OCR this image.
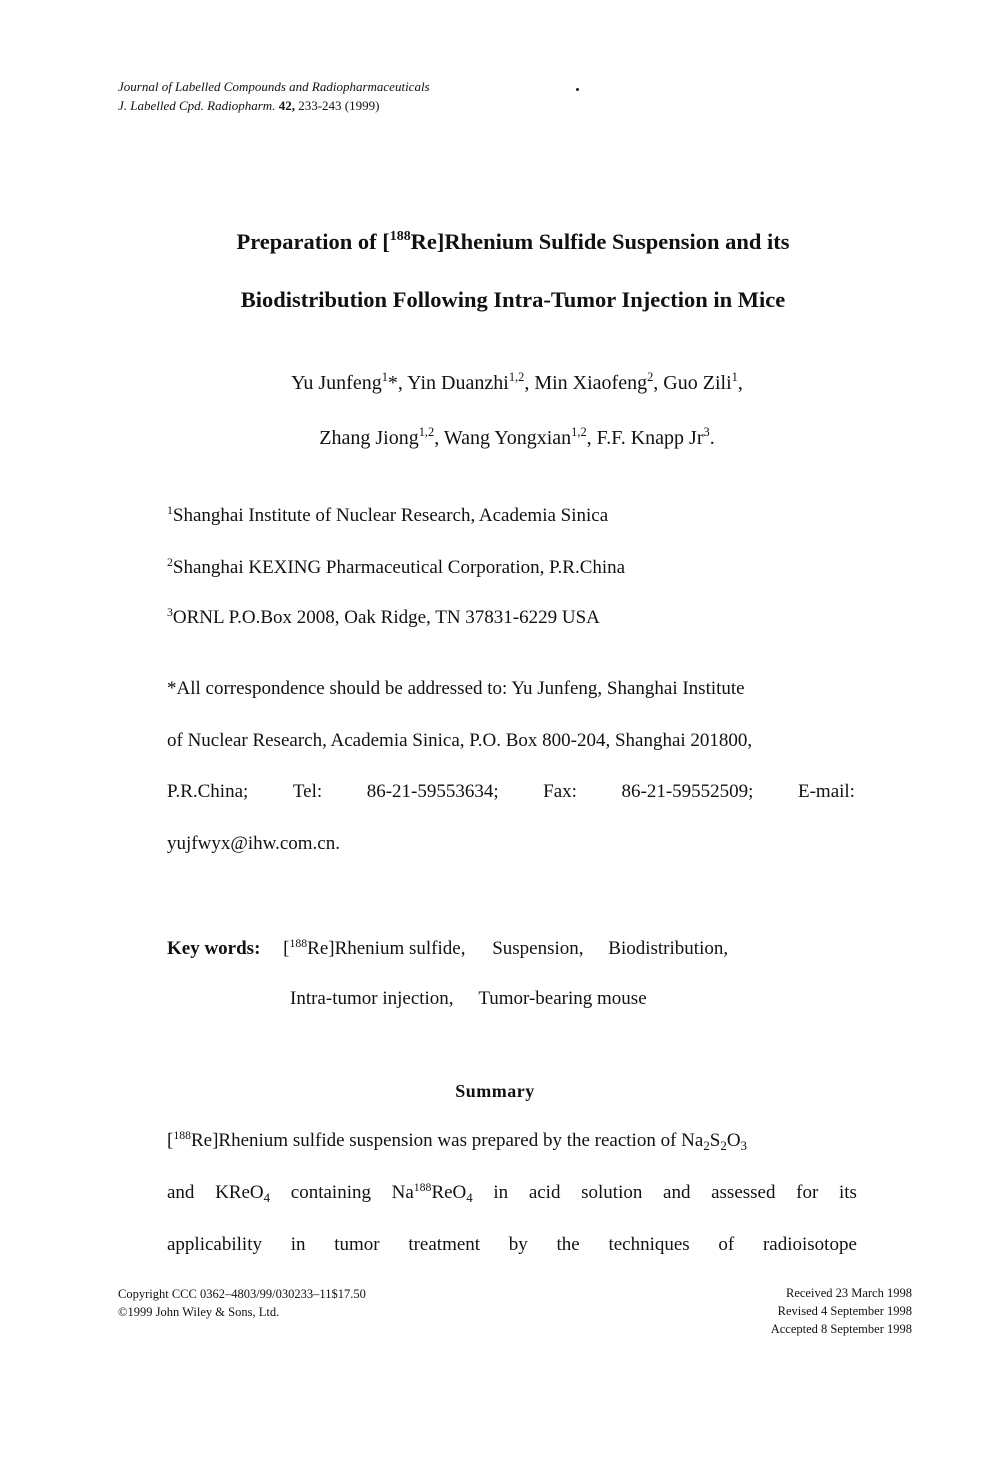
Journal of Labelled Compounds and Radiopharmaceuticals
J. Labelled Cpd. Radiopharm. 42, 233-243 (1999)
Preparation of [$^{188}$Re]Rhenium Sulfide Suspension and its
Biodistribution Following Intra-Tumor Injection in Mice
Yu Junfeng$^1$*, Yin Duanzhi$^{1,2}$, Min Xiaofeng$^2$, Guo Zili$^1$,
Zhang Jiong$^{1,2}$, Wang Yongxian$^{1,2}$, F.F. Knapp Jr$^3$.
$^1$Shanghai Institute of Nuclear Research, Academia Sinica
$^2$Shanghai KEXING Pharmaceutical Corporation, P.R.China
$^3$ORNL P.O.Box 2008, Oak Ridge, TN 37831-6229 USA
*All correspondence should be addressed to: Yu Junfeng, Shanghai Institute
of Nuclear Research, Academia Sinica, P.O. Box 800-204, Shanghai 201800,
P.R.China; Tel: 86-21-59553634; Fax: 86-21-59552509; E-mail:
yujfwyx@ihw.com.cn.
Key words: [$^{188}$Re]Rhenium sulfide, Suspension, Biodistribution,
Intra-tumor injection, Tumor-bearing mouse
Summary
[$^{188}$Re]Rhenium sulfide suspension was prepared by the reaction of $Na_2S_2O_3$
and KReO$_4$ containing $Na^{188}ReO_4$ in acid solution and assessed for its
applicability in tumor treatment by the techniques of radioisotope
Copyright CCC 0362–4803/99/030233–11$17.50
©1999 John Wiley & Sons, Ltd.
Received 23 March 1998
Revised 4 September 1998
Accepted 8 September 1998
